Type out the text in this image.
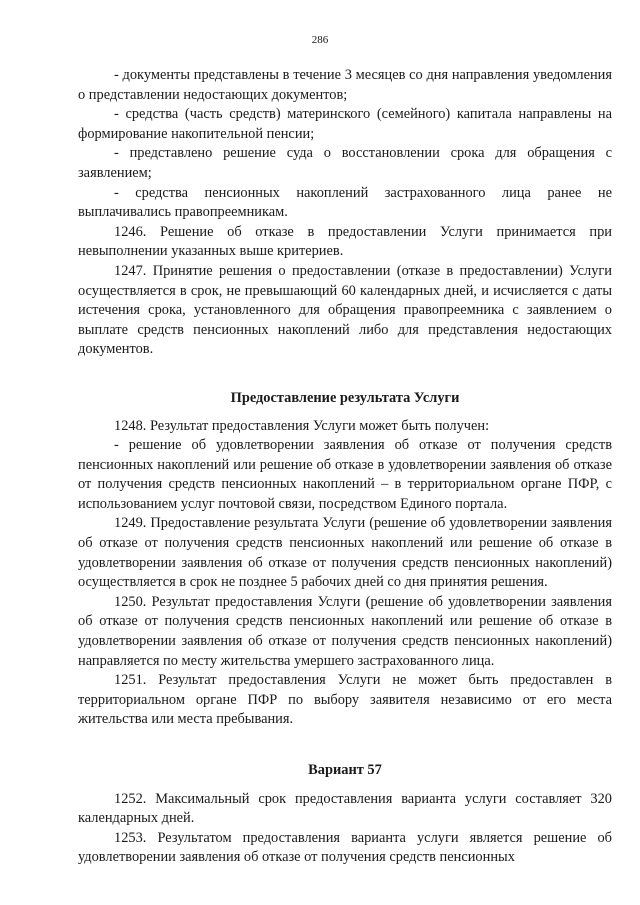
286

- документы представлены в течение 3 месяцев со дня направления уведомления о представлении недостающих документов;

- средства (часть средств) материнского (семейного) капитала направлены на формирование накопительной пенсии;

- представлено решение суда о восстановлении срока для обращения с заявлением;

- средства пенсионных накоплений застрахованного лица ранее не выплачивались правопреемникам.

1246. Решение об отказе в предоставлении Услуги принимается при невыполнении указанных выше критериев.

1247. Принятие решения о предоставлении (отказе в предоставлении) Услуги осуществляется в срок, не превышающий 60 календарных дней, и исчисляется с даты истечения срока, установленного для обращения правопреемника с заявлением о выплате средств пенсионных накоплений либо для представления недостающих документов.

Предоставление результата Услуги

1248. Результат предоставления Услуги может быть получен:

- решение об удовлетворении заявления об отказе от получения средств пенсионных накоплений или решение об отказе в удовлетворении заявления об отказе от получения средств пенсионных накоплений – в территориальном органе ПФР, с использованием услуг почтовой связи, посредством Единого портала.

1249. Предоставление результата Услуги (решение об удовлетворении заявления об отказе от получения средств пенсионных накоплений или решение об отказе в удовлетворении заявления об отказе от получения средств пенсионных накоплений) осуществляется в срок не позднее 5 рабочих дней со дня принятия решения.

1250. Результат предоставления Услуги (решение об удовлетворении заявления об отказе от получения средств пенсионных накоплений или решение об отказе в удовлетворении заявления об отказе от получения средств пенсионных накоплений) направляется по месту жительства умершего застрахованного лица.

1251. Результат предоставления Услуги не может быть предоставлен в территориальном органе ПФР по выбору заявителя независимо от его места жительства или места пребывания.

Вариант 57

1252. Максимальный срок предоставления варианта услуги составляет 320 календарных дней.

1253. Результатом предоставления варианта услуги является решение об удовлетворении заявления об отказе от получения средств пенсионных
